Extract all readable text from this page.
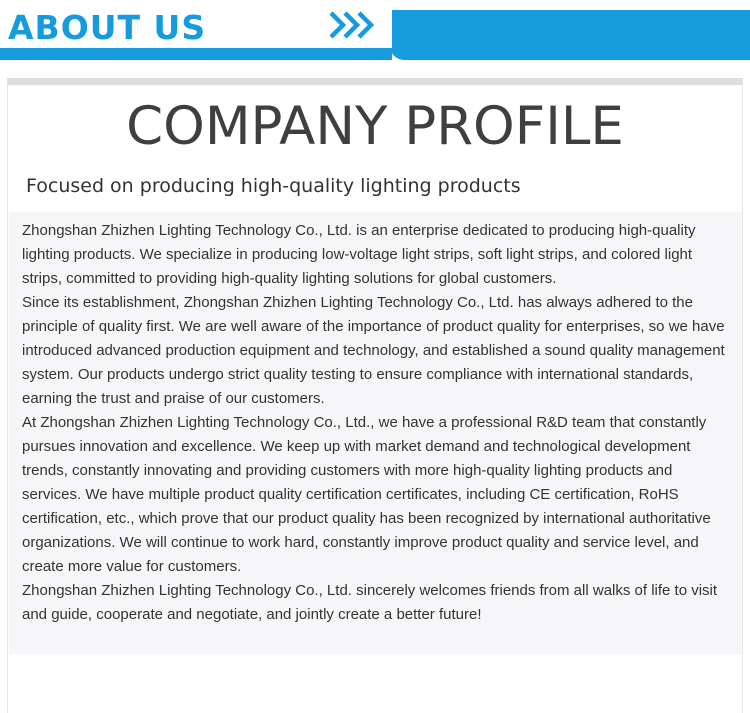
ABOUT US
COMPANY PROFILE
Focused on producing high-quality lighting products

Zhongshan Zhizhen Lighting Technology Co., Ltd. is an enterprise dedicated to producing high-quality lighting products. We specialize in producing low-voltage light strips, soft light strips, and colored light strips, committed to providing high-quality lighting solutions for global customers.

Since its establishment, Zhongshan Zhizhen Lighting Technology Co., Ltd. has always adhered to the principle of quality first. We are well aware of the importance of product quality for enterprises, so we have introduced advanced production equipment and technology, and established a sound quality management system. Our products undergo strict quality testing to ensure compliance with international standards, earning the trust and praise of our customers.

At Zhongshan Zhizhen Lighting Technology Co., Ltd., we have a professional R&D team that constantly pursues innovation and excellence. We keep up with market demand and technological development trends, constantly innovating and providing customers with more high-quality lighting products and services. We have multiple product quality certification certificates, including CE certification, RoHS certification, etc., which prove that our product quality has been recognized by international authoritative organizations. We will continue to work hard, constantly improve product quality and service level, and create more value for customers.

Zhongshan Zhizhen Lighting Technology Co., Ltd. sincerely welcomes friends from all walks of life to visit and guide, cooperate and negotiate, and jointly create a better future!
